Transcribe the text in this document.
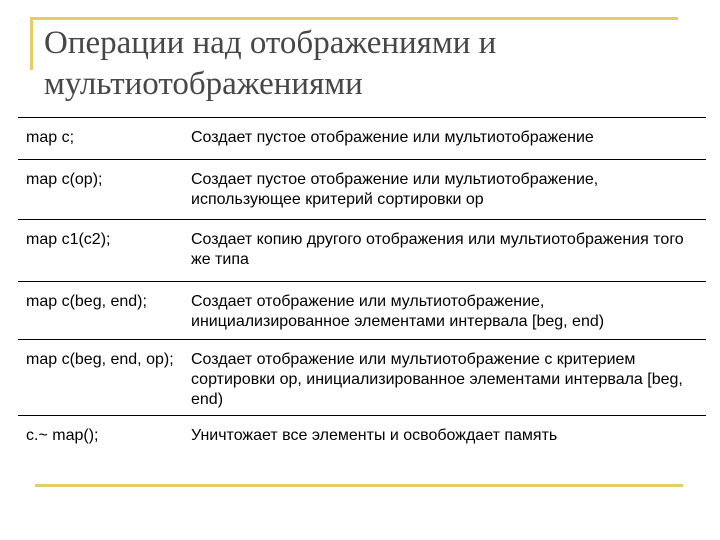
Операции над отображениями и мультиотображениями
map c;	Создает пустое отображение или мультиотображение
map c(op);	Создает пустое отображение или мультиотображение, использующее критерий сортировки op
map c1(c2);	Создает копию другого отображения или мультиотображения того же типа
map c(beg, end);	Создает отображение или мультиотображение, инициализированное элементами интервала [beg, end)
map c(beg, end, op);	Создает отображение или мультиотображение с критерием сортировки op, инициализированное элементами интервала [beg, end)
c.~ map();	Уничтожает все элементы и освобождает память
